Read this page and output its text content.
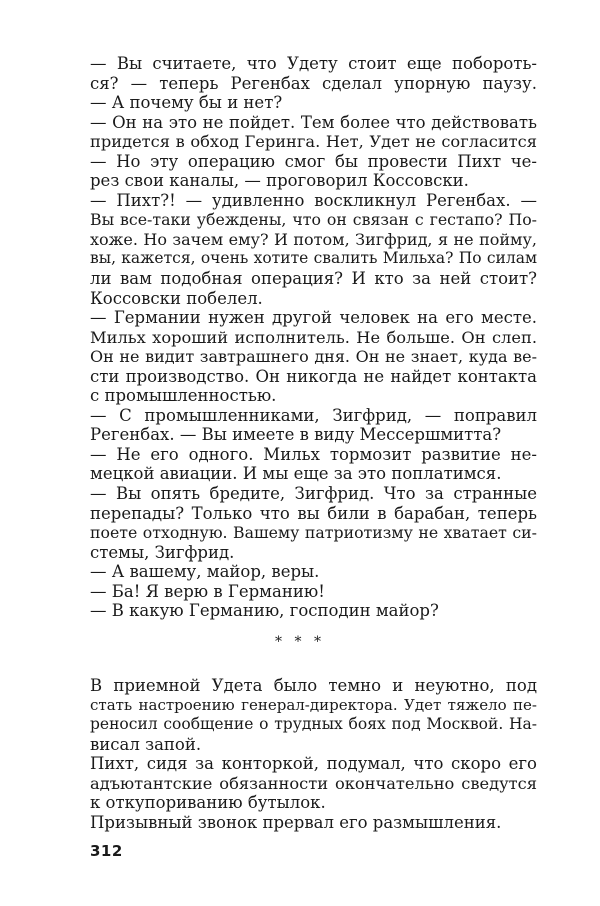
— Вы считаете, что Удету стоит еще побороть-
ся? — теперь Регенбах сделал упорную паузу.
— А почему бы и нет?
— Он на это не пойдет. Тем более что действовать
придется в обход Геринга. Нет, Удет не согласится
— Но эту операцию смог бы провести Пихт че-
рез свои каналы, — проговорил Коссовски.
— Пихт?! — удивленно воскликнул Регенбах. —
Вы все-таки убеждены, что он связан с гестапо? По-
хоже. Но зачем ему? И потом, Зигфрид, я не пойму,
вы, кажется, очень хотите свалить Мильха? По силам
ли вам подобная операция? И кто за ней стоит?
Коссовски побелел.
— Германии нужен другой человек на его месте.
Мильх хороший исполнитель. Не больше. Он слеп.
Он не видит завтрашнего дня. Он не знает, куда ве-
сти производство. Он никогда не найдет контакта
с промышленностью.
— С промышленниками, Зигфрид, — поправил
Регенбах. — Вы имеете в виду Мессершмитта?
— Не его одного. Мильх тормозит развитие не-
мецкой авиации. И мы еще за это поплатимся.
— Вы опять бредите, Зигфрид. Что за странные
перепады? Только что вы били в барабан, теперь
поете отходную. Вашему патриотизму не хватает си-
стемы, Зигфрид.
— А вашему, майор, веры.
— Ба! Я верю в Германию!
— В какую Германию, господин майор?
* * *
В приемной Удета было темно и неуютно, под
стать настроению генерал-директора. Удет тяжело пе-
реносил сообщение о трудных боях под Москвой. На-
висал запой.
Пихт, сидя за конторкой, подумал, что скоро его
адъютантские обязанности окончательно сведутся
к откупориванию бутылок.
Призывный звонок прервал его размышления.
312
